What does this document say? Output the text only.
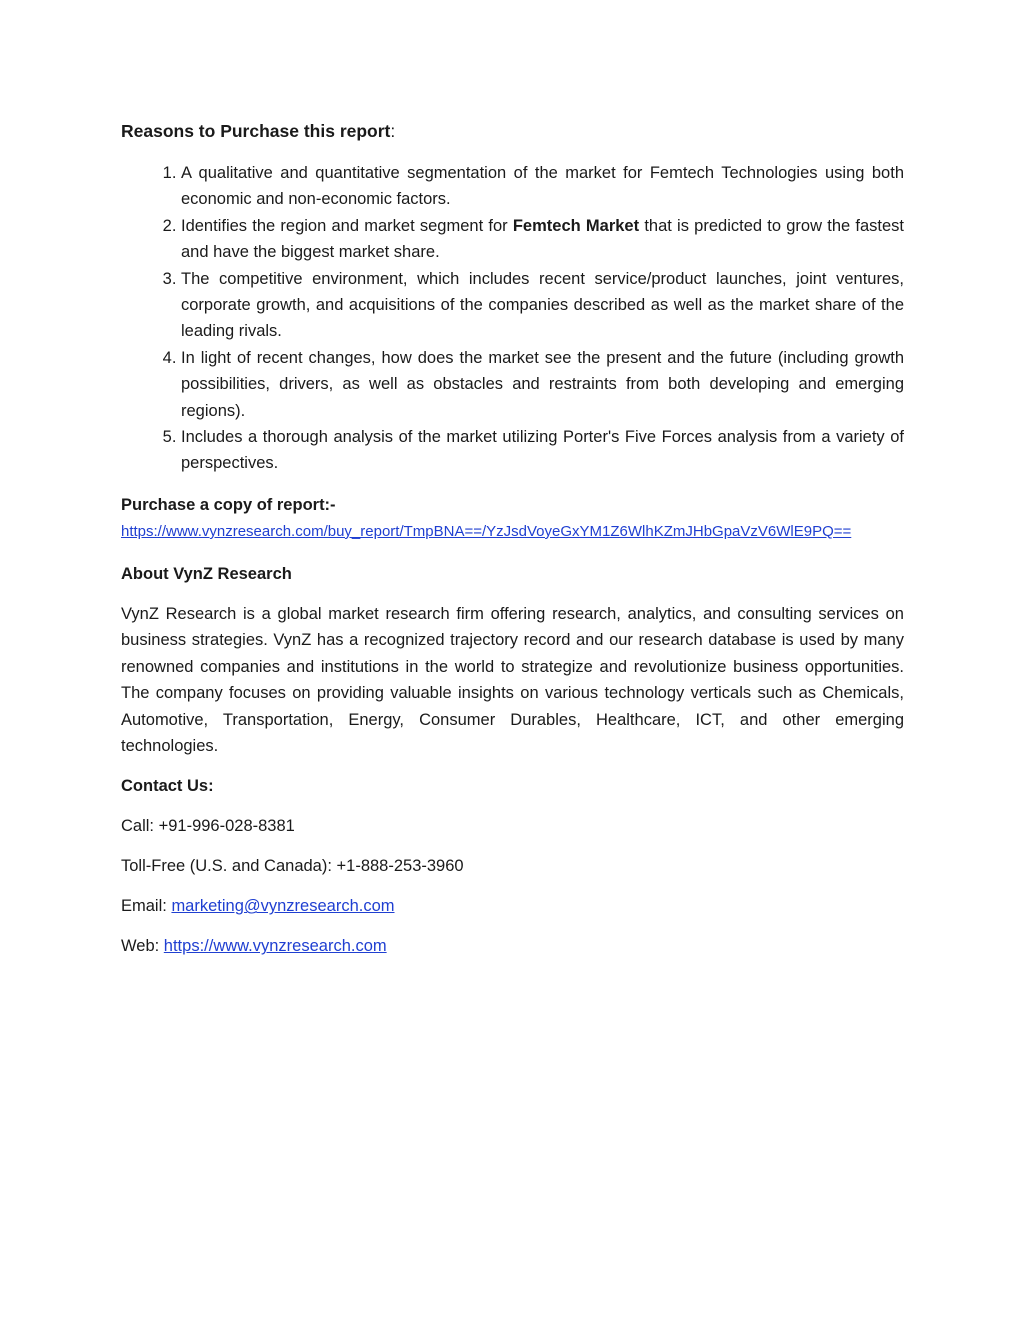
Reasons to Purchase this report:
1. A qualitative and quantitative segmentation of the market for Femtech Technologies using both economic and non-economic factors.
2. Identifies the region and market segment for Femtech Market that is predicted to grow the fastest and have the biggest market share.
3. The competitive environment, which includes recent service/product launches, joint ventures, corporate growth, and acquisitions of the companies described as well as the market share of the leading rivals.
4. In light of recent changes, how does the market see the present and the future (including growth possibilities, drivers, as well as obstacles and restraints from both developing and emerging regions).
5. Includes a thorough analysis of the market utilizing Porter's Five Forces analysis from a variety of perspectives.
Purchase a copy of report:-
https://www.vynzresearch.com/buy_report/TmpBNA==/YzJsdVoyeGxYM1Z6WlhKZmJHbGpaVzV6WlE9PQ==
About VynZ Research
VynZ Research is a global market research firm offering research, analytics, and consulting services on business strategies. VynZ has a recognized trajectory record and our research database is used by many renowned companies and institutions in the world to strategize and revolutionize business opportunities. The company focuses on providing valuable insights on various technology verticals such as Chemicals, Automotive, Transportation, Energy, Consumer Durables, Healthcare, ICT, and other emerging technologies.
Contact Us:
Call: +91-996-028-8381
Toll-Free (U.S. and Canada): +1-888-253-3960
Email: marketing@vynzresearch.com
Web: https://www.vynzresearch.com
